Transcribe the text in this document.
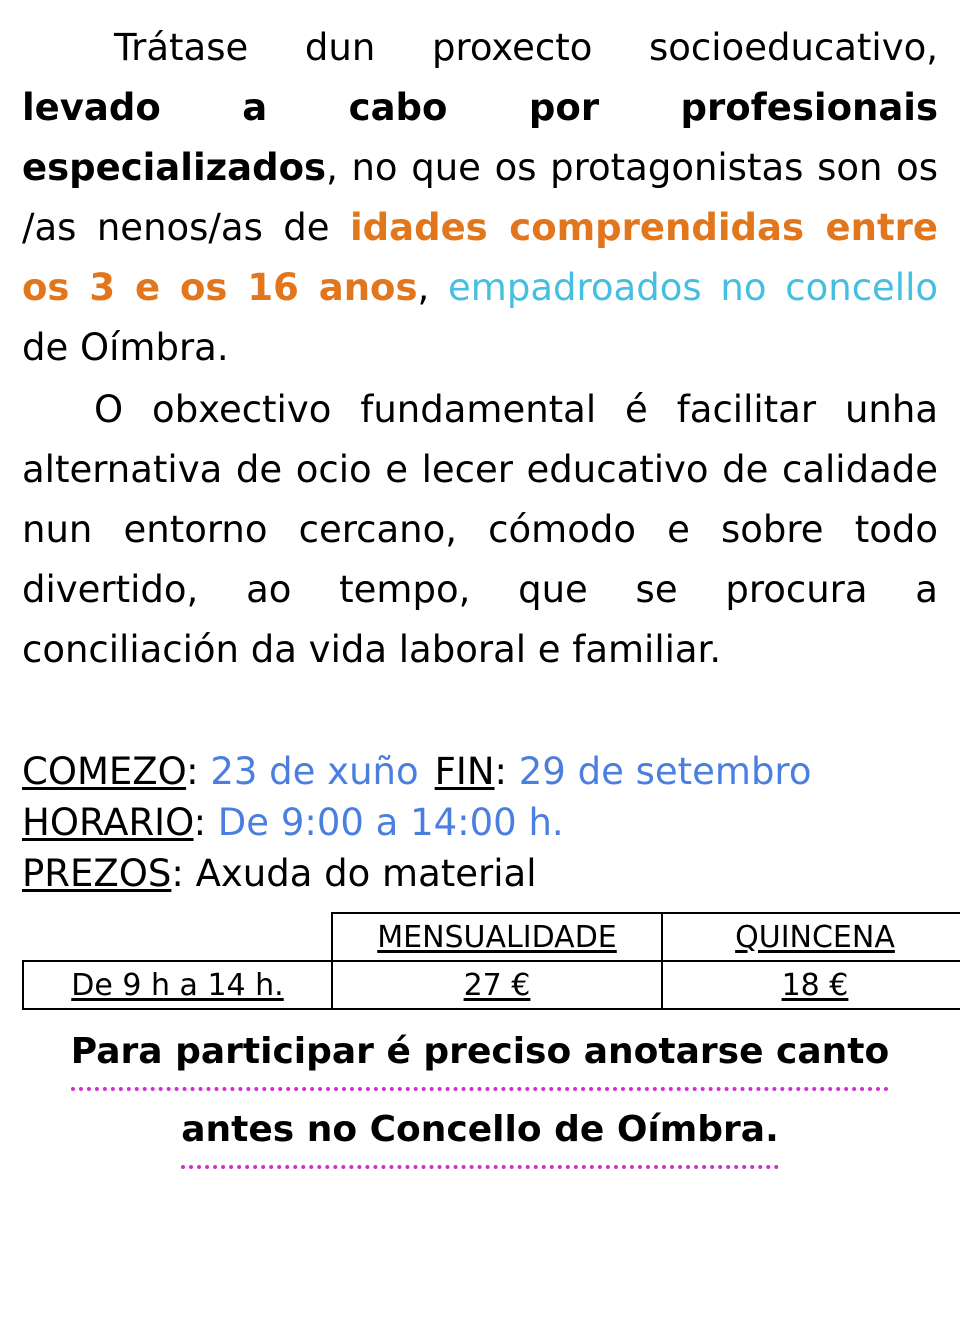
Trátase dun proxecto socioeducativo, levado a cabo por profesionais especializados, no que os protagonistas son os /as nenos/as de idades comprendidas entre os 3 e os 16 anos, empadroados no concello de Oímbra.

O obxectivo fundamental é facilitar unha alternativa de ocio e lecer educativo de calidade nun entorno cercano, cómodo e sobre todo divertido, ao tempo, que se procura a conciliación da vida laboral e familiar.

COMEZO: 23 de xuño FIN: 29 de setembro
HORARIO: De 9:00 a 14:00 h.
PREZOS: Axuda do material
	MENSUALIDADE	QUINCENA
De 9 h a 14 h.	27 €	18 €
Para participar é preciso anotarse canto
antes no Concello de Oímbra.
